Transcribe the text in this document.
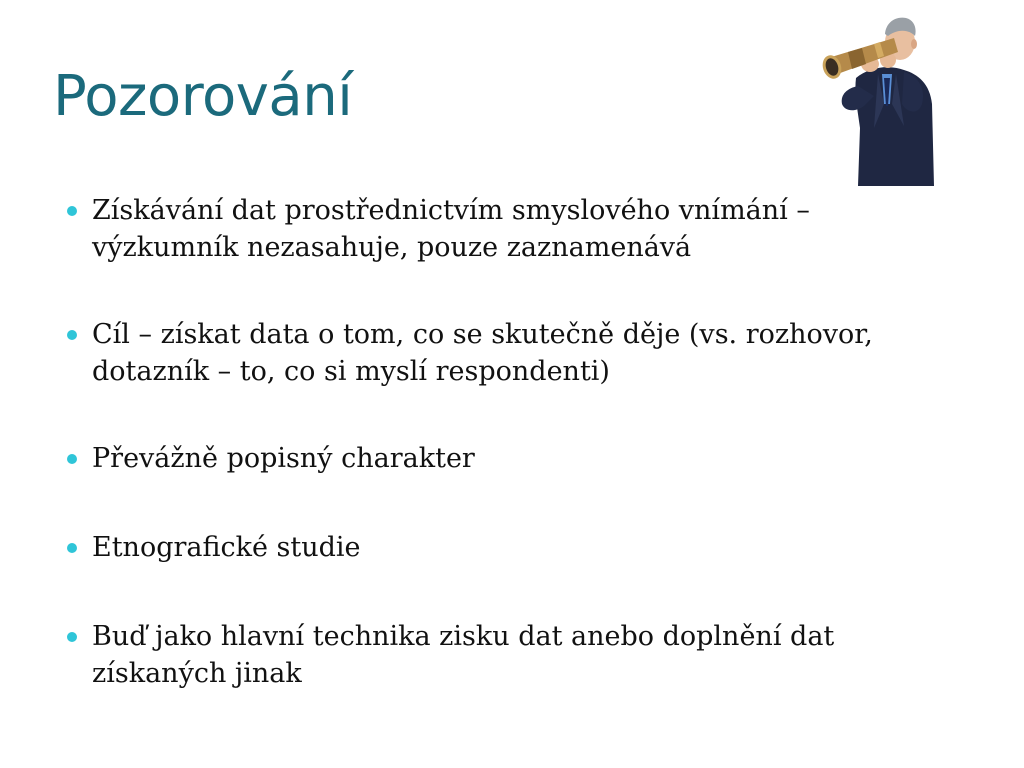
Pozorování
Získávání dat prostřednictvím smyslového vnímání – výzkumník nezasahuje, pouze zaznamenává
Cíl – získat data o tom, co se skutečně děje (vs. rozhovor, dotazník – to, co si myslí respondenti)
Převážně popisný charakter
Etnografické studie
Buď jako hlavní technika zisku dat anebo doplnění dat získaných jinak
